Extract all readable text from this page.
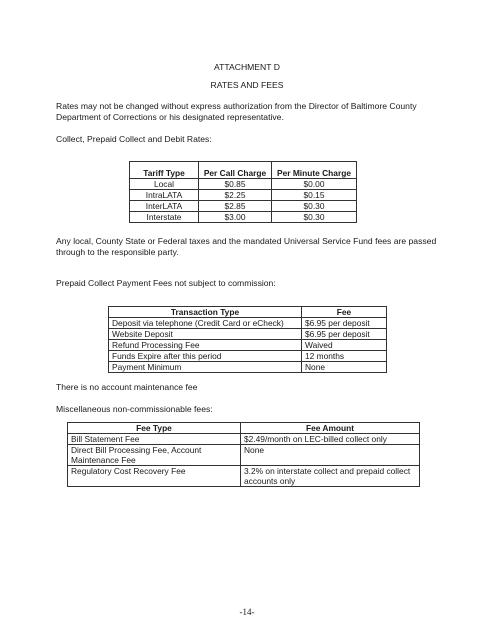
ATTACHMENT D

RATES AND FEES

Rates may not be changed without express authorization from the Director of Baltimore County Department of Corrections or his designated representative.

Collect, Prepaid Collect and Debit Rates:

Tariff Type	Per Call Charge	Per Minute Charge
Local	$0.85	$0.00
IntraLATA	$2.25	$0.15
InterLATA	$2.85	$0.30
Interstate	$3.00	$0.30

Any local, County State or Federal taxes and the mandated Universal Service Fund fees are passed through to the responsible party.

Prepaid Collect Payment Fees not subject to commission:

Transaction Type	Fee
Deposit via telephone (Credit Card or eCheck)	$6.95 per deposit
Website Deposit	$6.95 per deposit
Refund Processing Fee	Waived
Funds Expire after this period	12 months
Payment Minimum	None

There is no account maintenance fee

Miscellaneous non-commissionable fees:

Fee Type	Fee Amount
Bill Statement Fee	$2.49/month on LEC-billed collect only
Direct Bill Processing Fee, Account Maintenance Fee	None
Regulatory Cost Recovery Fee	3.2% on interstate collect and prepaid collect accounts only

-14-
